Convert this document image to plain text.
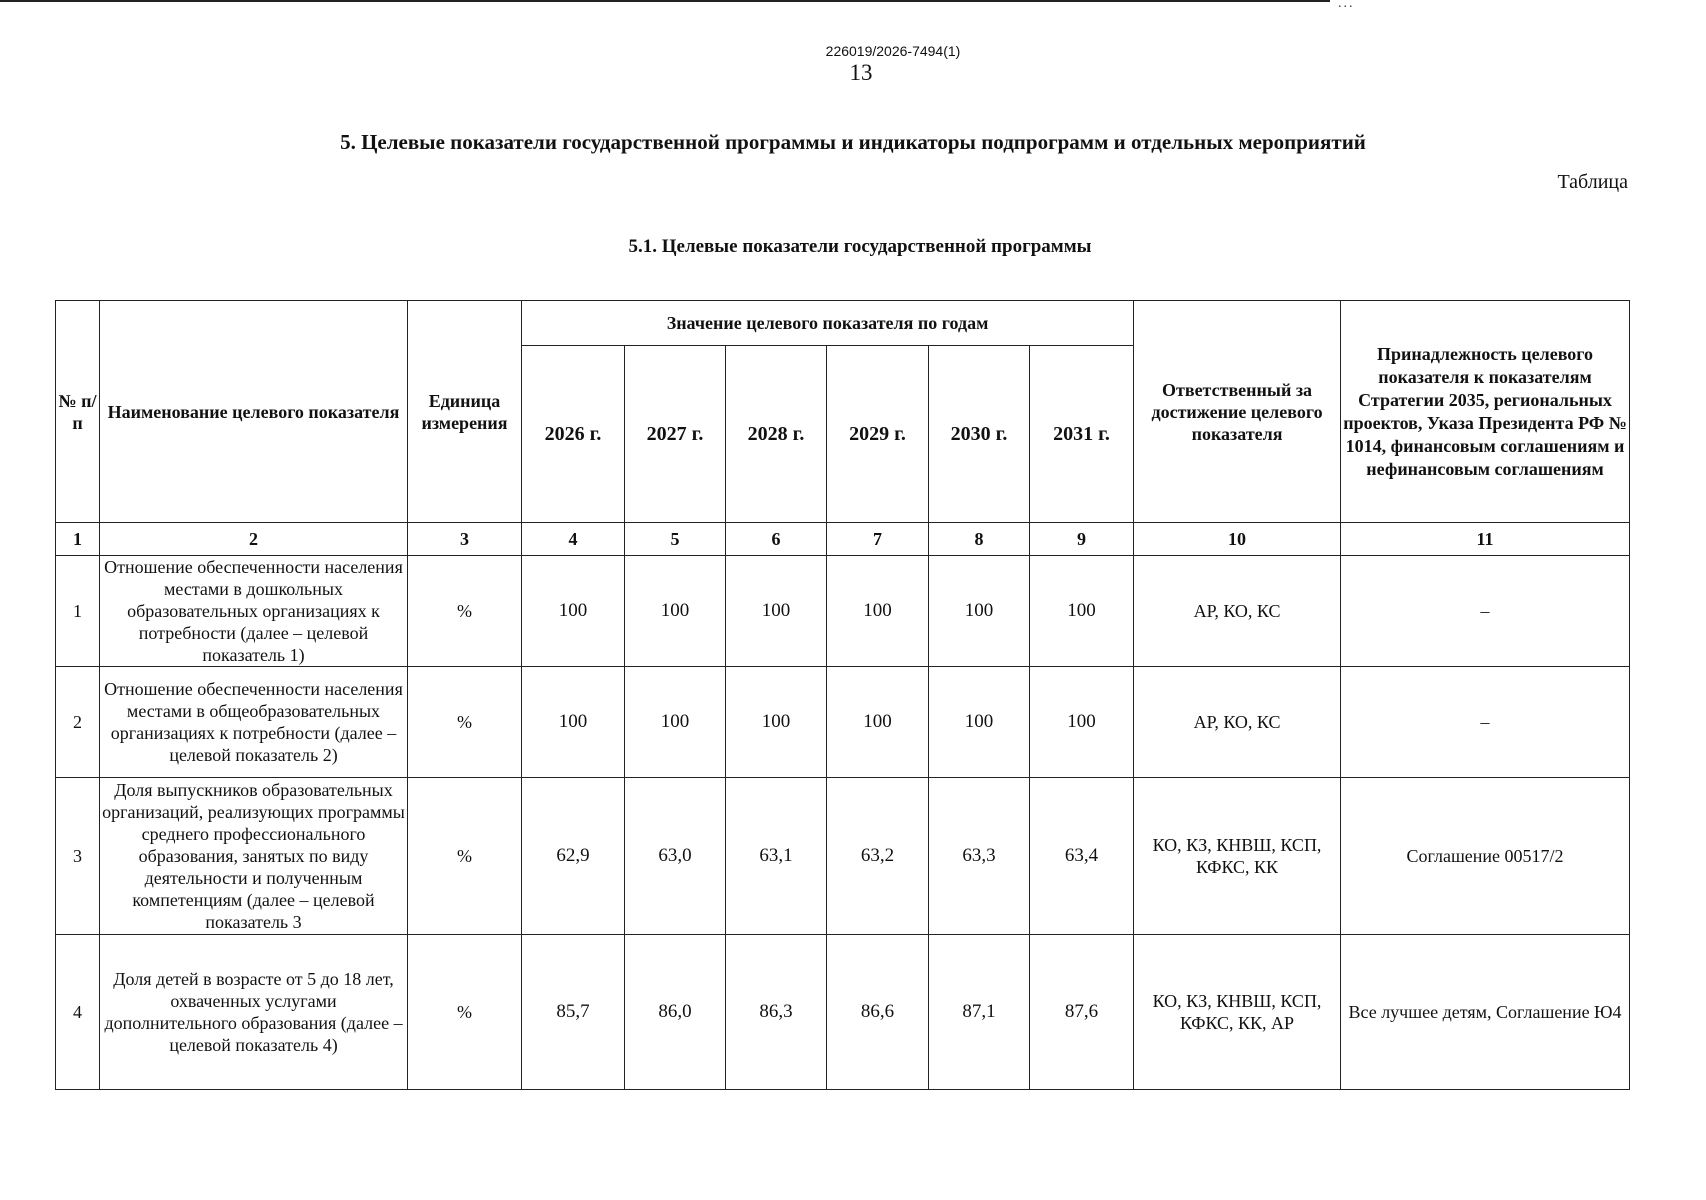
...
226019/2026-7494(1)
13
5. Целевые показатели государственной программы и индикаторы подпрограмм и отдельных мероприятий
Таблица
5.1. Целевые показатели государственной программы
№ п/п	Наименование целевого показателя	Единица измерения	Значение целевого показателя по годам						Ответственный за достижение целевого показателя	Принадлежность целевого показателя к показателям Стратегии 2035, региональных проектов, Указа Президента РФ № 1014, финансовым соглашениям и нефинансовым соглашениям
			2026 г.	2027 г.	2028 г.	2029 г.	2030 г.	2031 г.		
1	2	3	4	5	6	7	8	9	10	11
1	Отношение обеспеченности населения местами в дошкольных образовательных организациях к потребности (далее – целевой показатель 1)	%	100	100	100	100	100	100	АР, КО, КС	–
2	Отношение обеспеченности населения местами в общеобразовательных организациях к потребности (далее – целевой показатель 2)	%	100	100	100	100	100	100	АР, КО, КС	–
3	Доля выпускников образовательных организаций, реализующих программы среднего профессионального образования, занятых по виду деятельности и полученным компетенциям (далее – целевой показатель 3	%	62,9	63,0	63,1	63,2	63,3	63,4	КО, КЗ, КНВШ, КСП, КФКС, КК	Соглашение 00517/2
4	Доля детей в возрасте от 5 до 18 лет, охваченных услугами дополнительного образования (далее – целевой показатель 4)	%	85,7	86,0	86,3	86,6	87,1	87,6	КО, КЗ, КНВШ, КСП, КФКС, КК, АР	Все лучшее детям, Соглашение Ю4
